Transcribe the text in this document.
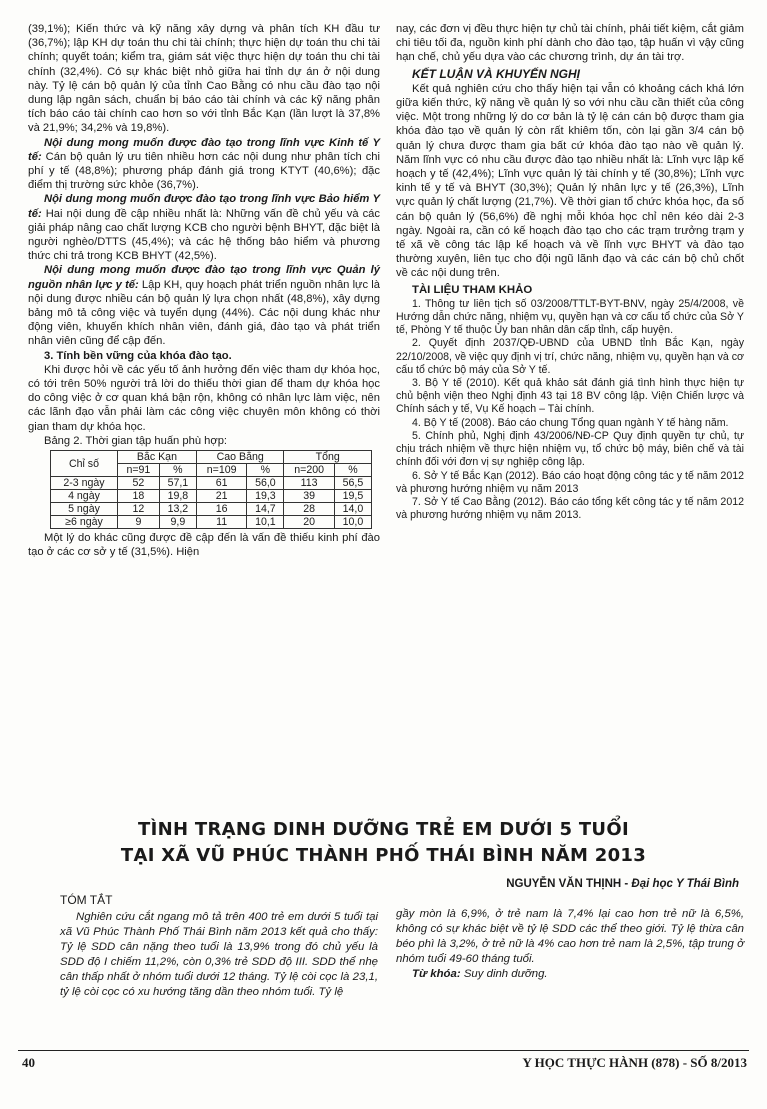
(39,1%); Kiến thức và kỹ năng xây dựng và phân tích KH đầu tư (36,7%); lập KH dự toán thu chi tài chính; thực hiện dự toán thu chi tài chính; quyết toán; kiểm tra, giám sát việc thực hiện dự toán thu chi tài chính (32,4%). Có sự khác biệt nhỏ giữa hai tỉnh dự án ở nội dung này. Tỷ lệ cán bộ quản lý của tỉnh Cao Bằng có nhu cầu đào tạo nội dung lập ngân sách, chuẩn bị báo cáo tài chính và các kỹ năng phân tích báo cáo tài chính cao hơn so với tỉnh Bắc Kạn (lần lượt là 37,8% và 21,9%; 34,2% và 19,8%).

Nội dung mong muốn được đào tạo trong lĩnh vực Kinh tế Y tế: Cán bộ quản lý ưu tiên nhiều hơn các nội dung như phân tích chi phí y tế (48,8%); phương pháp đánh giá trong KTYT (40,6%); đặc điểm thị trường sức khỏe (36,7%).

Nội dung mong muốn được đào tạo trong lĩnh vực Bảo hiểm Y tế: Hai nội dung đề cập nhiều nhất là: Những vấn đề chủ yếu và các giải pháp nâng cao chất lượng KCB cho người bệnh BHYT, đặc biệt là người nghèo/DTTS (45,4%); và các hệ thống bảo hiểm và phương thức chi trả trong KCB BHYT (42,5%).

Nội dung mong muốn được đào tạo trong lĩnh vực Quản lý nguồn nhân lực y tế: Lập KH, quy hoạch phát triển nguồn nhân lực là nội dung được nhiều cán bộ quản lý lựa chọn nhất (48,8%), xây dựng bảng mô tả công việc và tuyển dụng (44%). Các nội dung khác như động viên, khuyến khích nhân viên, đánh giá, đào tạo và phát triển nhân viên cũng để cập đến.

3. Tính bền vững của khóa đào tạo.

Khi được hỏi về các yếu tố ảnh hưởng đến việc tham dự khóa học, có tới trên 50% người trả lời do thiếu thời gian để tham dự khóa học do công việc ở cơ quan khá bận rộn, không có nhân lực làm việc, nên các lãnh đạo vẫn phải làm các công việc chuyên môn không có thời gian tham dự khóa học.

Bảng 2. Thời gian tập huấn phù hợp:

Chỉ số	Bắc Kạn		Cao Bằng		Tổng	
	n=91	%	n=109	%	n=200	%
2-3 ngày	52	57,1	61	56,0	113	56,5
4 ngày	18	19,8	21	19,3	39	19,5
5 ngày	12	13,2	16	14,7	28	14,0
≥6 ngày	9	9,9	11	10,1	20	10,0

Một lý do khác cũng được đề cập đến là vấn đề thiếu kinh phí đào tạo ở các cơ sở y tế (31,5%). Hiện

nay, các đơn vị đều thực hiện tự chủ tài chính, phải tiết kiệm, cắt giảm chi tiêu tối đa, nguồn kinh phí dành cho đào tạo, tập huấn vì vậy cũng hạn chế, chủ yếu dựa vào các chương trình, dự án tài trợ.

KẾT LUẬN VÀ KHUYẾN NGHỊ

Kết quả nghiên cứu cho thấy hiện tại vẫn có khoảng cách khá lớn giữa kiến thức, kỹ năng về quản lý so với nhu cầu cần thiết của công việc. Một trong những lý do cơ bản là tỷ lệ cán cán bộ được tham gia khóa đào tạo về quản lý còn rất khiêm tốn, còn lại gần 3/4 cán bộ quản lý chưa được tham gia bất cứ khóa đào tạo nào về quản lý. Năm lĩnh vực có nhu cầu được đào tạo nhiều nhất là: Lĩnh vực lập kế hoạch y tế (42,4%); Lĩnh vực quản lý tài chính y tế (30,8%); Lĩnh vực kinh tế y tế và BHYT (30,3%); Quản lý nhân lực y tế (26,3%), Lĩnh vực quản lý chất lượng (21,7%). Về thời gian tổ chức khóa học, đa số cán bộ quản lý (56,6%) đề nghị mỗi khóa học chỉ nên kéo dài 2-3 ngày. Ngoài ra, cần có kế hoạch đào tạo cho các trạm trưởng trạm y tế xã về công tác lập kế hoạch và về lĩnh vực BHYT và đào tạo thường xuyên, liên tục cho đội ngũ lãnh đạo và các cán bộ chủ chốt về các nội dung trên.

TÀI LIỆU THAM KHẢO

1. Thông tư liên tịch số 03/2008/TTLT-BYT-BNV, ngày 25/4/2008, về Hướng dẫn chức năng, nhiệm vụ, quyền hạn và cơ cấu tổ chức của Sở Y tế, Phòng Y tế thuộc Ủy ban nhân dân cấp tỉnh, cấp huyện.

2. Quyết định 2037/QĐ-UBND của UBND tỉnh Bắc Kạn, ngày 22/10/2008, về việc quy định vị trí, chức năng, nhiệm vụ, quyền hạn và cơ cấu tổ chức bộ máy của Sở Y tế.

3. Bộ Y tế (2010). Kết quả khảo sát đánh giá tình hình thực hiện tự chủ bệnh viện theo Nghị định 43 tại 18 BV công lập. Viện Chiến lược và Chính sách y tế, Vụ Kế hoạch – Tài chính.

4. Bộ Y tế (2008). Báo cáo chung Tổng quan ngành Y tế hàng năm.

5. Chính phủ, Nghị định 43/2006/NĐ-CP Quy định quyền tự chủ, tự chịu trách nhiệm về thực hiện nhiệm vụ, tổ chức bộ máy, biên chế và tài chính đối với đơn vị sự nghiệp công lập.

6. Sở Y tế Bắc Kạn (2012). Báo cáo hoạt động công tác y tế năm 2012 và phương hướng nhiệm vụ năm 2013

7. Sở Y tế Cao Bằng (2012). Báo cáo tổng kết công tác y tế năm 2012 và phương hướng nhiệm vụ năm 2013.

TÌNH TRẠNG DINH DƯỠNG TRẺ EM DƯỚI 5 TUỔI
TẠI XÃ VŨ PHÚC THÀNH PHỐ THÁI BÌNH NĂM 2013
NGUYỄN VĂN THỊNH - Đại học Y Thái Bình

TÓM TẮT

Nghiên cứu cắt ngang mô tả trên 400 trẻ em dưới 5 tuổi tại xã Vũ Phúc Thành Phố Thái Bình năm 2013 kết quả cho thấy: Tỷ lệ SDD cân nặng theo tuổi là 13,9% trong đó chủ yếu là SDD độ I chiếm 11,2%, còn 0,3% trẻ SDD độ III. SDD thể nhẹ cân thấp nhất ở nhóm tuổi dưới 12 tháng. Tỷ lệ còi cọc là 23,1, tỷ lệ còi cọc có xu hướng tăng dần theo nhóm tuổi. Tỷ lệ

gầy mòn là 6,9%, ở trẻ nam là 7,4% lại cao hơn trẻ nữ là 6,5%, không có sự khác biệt về tỷ lệ SDD các thể theo giới. Tỷ lệ thừa cân béo phì là 3,2%, ở trẻ nữ là 4% cao hơn trẻ nam là 2,5%, tập trung ở nhóm tuổi 49-60 tháng tuổi.

Từ khóa: Suy dinh dưỡng.

40	Y HỌC THỰC HÀNH (878) - SỐ 8/2013
